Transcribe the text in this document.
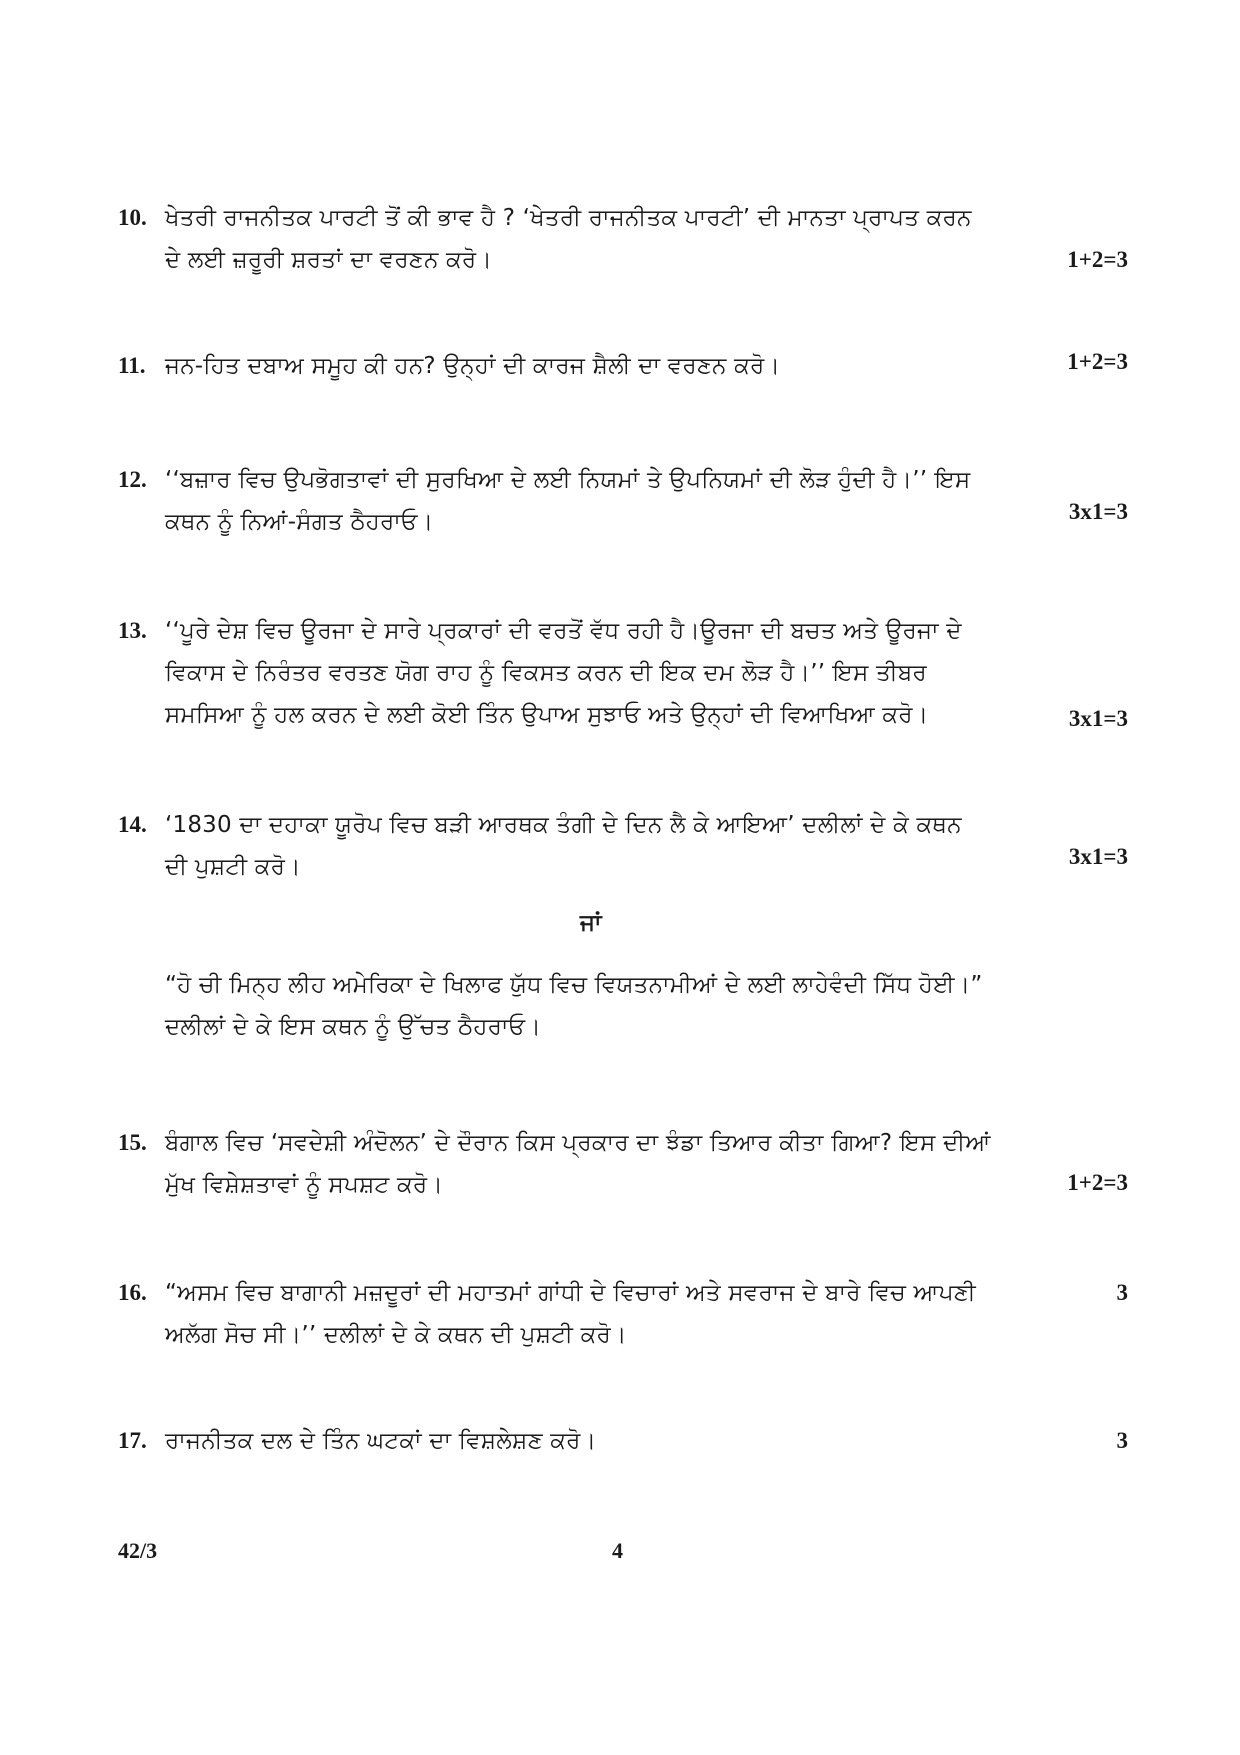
10. ਖੇਤਰੀ ਰਾਜਨੀਤਕ ਪਾਰਟੀ ਤੋਂ ਕੀ ਭਾਵ ਹੈ ? ‘ਖੇਤਰੀ ਰਾਜਨੀਤਕ ਪਾਰਟੀ’ ਦੀ ਮਾਨਤਾ ਪ੍ਰਾਪਤ ਕਰਨ
ਦੇ ਲਈ ਜ਼ਰੂਰੀ ਸ਼ਰਤਾਂ ਦਾ ਵਰਣਨ ਕਰੋ।	1+2=3
11. ਜਨ-ਹਿਤ ਦਬਾਅ ਸਮੂਹ ਕੀ ਹਨ? ਉਨ੍ਹਾਂ ਦੀ ਕਾਰਜ ਸ਼ੈਲੀ ਦਾ ਵਰਣਨ ਕਰੋ।	1+2=3
12. ‘‘ਬਜ਼ਾਰ ਵਿਚ ਉਪਭੋਗਤਾਵਾਂ ਦੀ ਸੁਰਖਿਆ ਦੇ ਲਈ ਨਿਯਮਾਂ ਤੇ ਉਪਨਿਯਮਾਂ ਦੀ ਲੋੜ ਹੁੰਦੀ ਹੈ।’’ ਇਸ
ਕਥਨ ਨੂੰ ਨਿਆਂ-ਸੰਗਤ ਠੈਹਰਾਓ।	3x1=3
13. ‘‘ਪੂਰੇ ਦੇਸ਼ ਵਿਚ ਊਰਜਾ ਦੇ ਸਾਰੇ ਪ੍ਰਕਾਰਾਂ ਦੀ ਵਰਤੋਂ ਵੱਧ ਰਹੀ ਹੈ।ਊਰਜਾ ਦੀ ਬਚਤ ਅਤੇ ਊਰਜਾ ਦੇ
ਵਿਕਾਸ ਦੇ ਨਿਰੰਤਰ ਵਰਤਣ ਯੋਗ ਰਾਹ ਨੂੰ ਵਿਕਸਤ ਕਰਨ ਦੀ ਇਕ ਦਮ ਲੋੜ ਹੈ।’’ ਇਸ ਤੀਬਰ
ਸਮਸਿਆ ਨੂੰ ਹਲ ਕਰਨ ਦੇ ਲਈ ਕੋਈ ਤਿੰਨ ਉਪਾਅ ਸੁਝਾਓ ਅਤੇ ਉਨ੍ਹਾਂ ਦੀ ਵਿਆਖਿਆ ਕਰੋ।	3x1=3
14. ‘1830 ਦਾ ਦਹਾਕਾ ਯੂਰੋਪ ਵਿਚ ਬੜੀ ਆਰਥਕ ਤੰਗੀ ਦੇ ਦਿਨ ਲੈ ਕੇ ਆਇਆ’ ਦਲੀਲਾਂ ਦੇ ਕੇ ਕਥਨ
ਦੀ ਪੁਸ਼ਟੀ ਕਰੋ।	3x1=3
ਜਾਂ
“ਹੋ ਚੀ ਮਿਨ੍ਹ ਲੀਹ ਅਮੇਰਿਕਾ ਦੇ ਖਿਲਾਫ ਯੁੱਧ ਵਿਚ ਵਿਯਤਨਾਮੀਆਂ ਦੇ ਲਈ ਲਾਹੇਵੰਦੀ ਸਿੱਧ ਹੋਈ।”
ਦਲੀਲਾਂ ਦੇ ਕੇ ਇਸ ਕਥਨ ਨੂੰ ਉੱਚਤ ਠੈਹਰਾਓ।
15. ਬੰਗਾਲ ਵਿਚ ‘ਸਵਦੇਸ਼ੀ ਅੰਦੋਲਨ’ ਦੇ ਦੌਰਾਨ ਕਿਸ ਪ੍ਰਕਾਰ ਦਾ ਝੰਡਾ ਤਿਆਰ ਕੀਤਾ ਗਿਆ? ਇਸ ਦੀਆਂ
ਮੁੱਖ ਵਿਸ਼ੇਸ਼ਤਾਵਾਂ ਨੂੰ ਸਪਸ਼ਟ ਕਰੋ।	1+2=3
16. “ਅਸਮ ਵਿਚ ਬਾਗਾਨੀ ਮਜ਼ਦੂਰਾਂ ਦੀ ਮਹਾਤਮਾਂ ਗਾਂਧੀ ਦੇ ਵਿਚਾਰਾਂ ਅਤੇ ਸਵਰਾਜ ਦੇ ਬਾਰੇ ਵਿਚ ਆਪਣੀ
ਅਲੱਗ ਸੋਚ ਸੀ।’’ ਦਲੀਲਾਂ ਦੇ ਕੇ ਕਥਨ ਦੀ ਪੁਸ਼ਟੀ ਕਰੋ।
3
17. ਰਾਜਨੀਤਕ ਦਲ ਦੇ ਤਿੰਨ ਘਟਕਾਂ ਦਾ ਵਿਸ਼ਲੇਸ਼ਣ ਕਰੋ।	3
42/3	4
